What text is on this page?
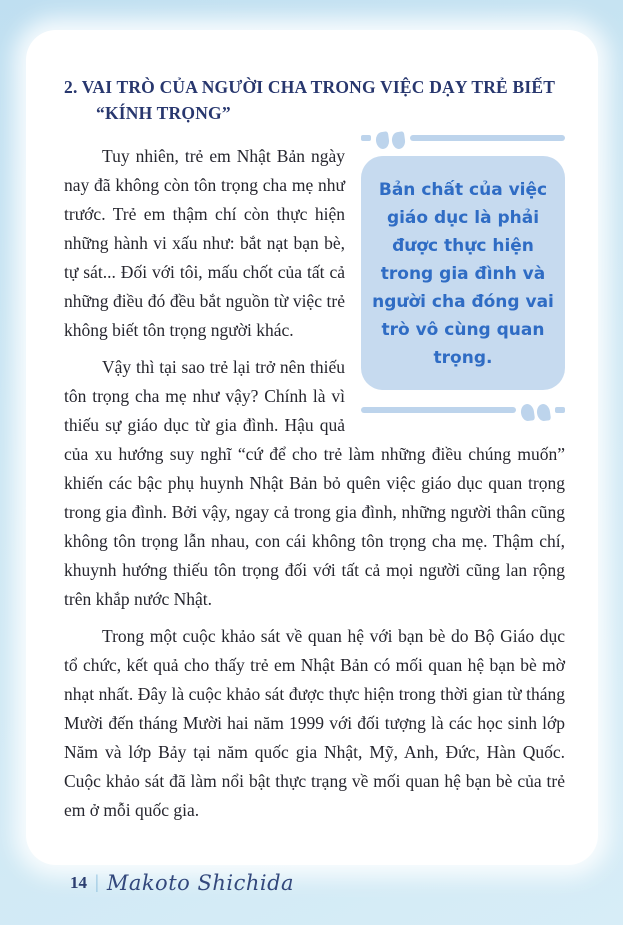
2. VAI TRÒ CỦA NGƯỜI CHA TRONG VIỆC DẠY TRẺ BIẾT
“KÍNH TRỌNG”
Bản chất của việc giáo dục là phải được thực hiện trong gia đình và người cha đóng vai trò vô cùng quan trọng.

Tuy nhiên, trẻ em Nhật Bản ngày nay đã không còn tôn trọng cha mẹ như trước. Trẻ em thậm chí còn thực hiện những hành vi xấu như: bắt nạt bạn bè, tự sát... Đối với tôi, mấu chốt của tất cả những điều đó đều bắt nguồn từ việc trẻ không biết tôn trọng người khác.

Vậy thì tại sao trẻ lại trở nên thiếu tôn trọng cha mẹ như vậy? Chính là vì thiếu sự giáo dục từ gia đình. Hậu quả của xu hướng suy nghĩ “cứ để cho trẻ làm những điều chúng muốn” khiến các bậc phụ huynh Nhật Bản bỏ quên việc giáo dục quan trọng trong gia đình. Bởi vậy, ngay cả trong gia đình, những người thân cũng không tôn trọng lẫn nhau, con cái không tôn trọng cha mẹ. Thậm chí, khuynh hướng thiếu tôn trọng đối với tất cả mọi người cũng lan rộng trên khắp nước Nhật.

Trong một cuộc khảo sát về quan hệ với bạn bè do Bộ Giáo dục tổ chức, kết quả cho thấy trẻ em Nhật Bản có mối quan hệ bạn bè mờ nhạt nhất. Đây là cuộc khảo sát được thực hiện trong thời gian từ tháng Mười đến tháng Mười hai năm 1999 với đối tượng là các học sinh lớp Năm và lớp Bảy tại năm quốc gia Nhật, Mỹ, Anh, Đức, Hàn Quốc. Cuộc khảo sát đã làm nổi bật thực trạng về mối quan hệ bạn bè của trẻ em ở mỗi quốc gia.

14 | Makoto Shichida
